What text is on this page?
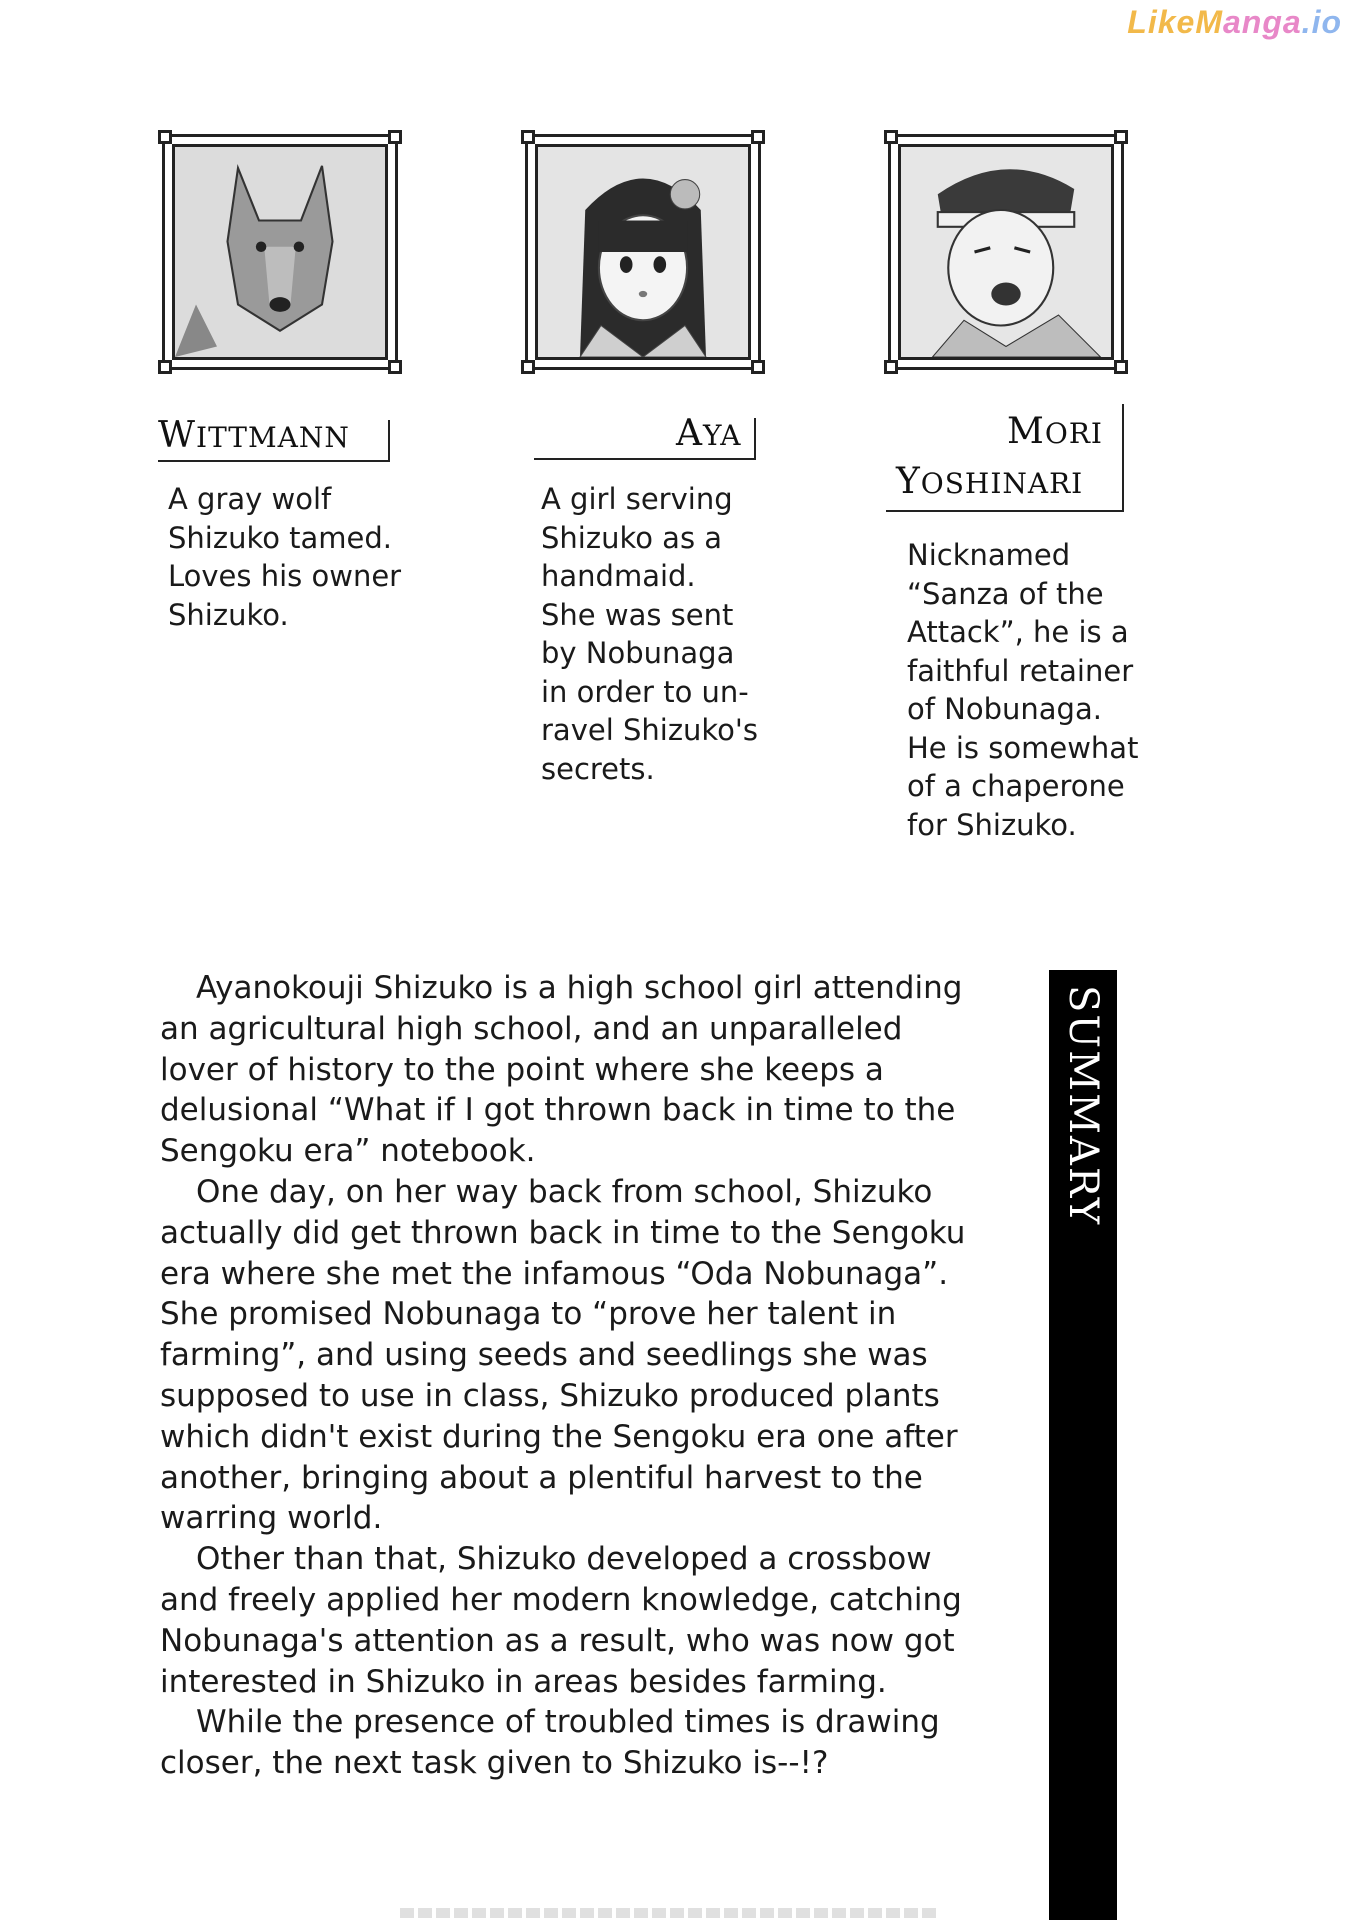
LikeManga.io
WITTMANN	AYA	MORI
YOSHINARI
A gray wolf
Shizuko tamed.
Loves his owner
Shizuko.
A girl serving
Shizuko as a
handmaid.
She was sent
by Nobunaga
in order to un-
ravel Shizuko's
secrets.
Nicknamed
“Sanza of the
Attack”, he is a
faithful retainer
of Nobunaga.
He is somewhat
of a chaperone
for Shizuko.

Ayanokouji Shizuko is a high school girl attending an agricultural high school, and an unparalleled lover of history to the point where she keeps a delusional “What if I got thrown back in time to the Sengoku era” notebook.

One day, on her way back from school, Shizuko actually did get thrown back in time to the Sengoku era where she met the infamous “Oda Nobunaga”. She promised Nobunaga to “prove her talent in farming”, and using seeds and seedlings she was supposed to use in class, Shizuko produced plants which didn't exist during the Sengoku era one after another, bringing about a plentiful harvest to the warring world.

Other than that, Shizuko developed a crossbow and freely applied her modern knowledge, catching Nobunaga's attention as a result, who was now got interested in Shizuko in areas besides farming.

While the presence of troubled times is drawing closer, the next task given to Shizuko is--!?

SUMMARY
